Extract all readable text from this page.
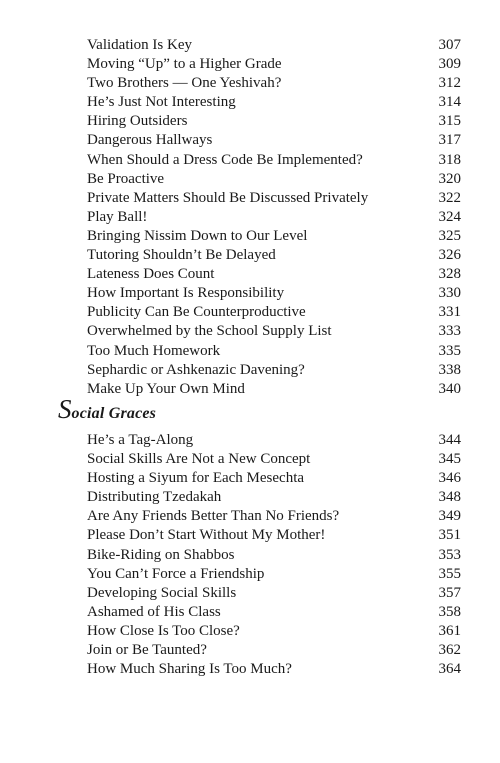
Validation Is Key	307
Moving “Up” to a Higher Grade	309
Two Brothers — One Yeshivah?	312
He’s Just Not Interesting	314
Hiring Outsiders	315
Dangerous Hallways	317
When Should a Dress Code Be Implemented?	318
Be Proactive	320
Private Matters Should Be Discussed Privately	322
Play Ball!	324
Bringing Nissim Down to Our Level	325
Tutoring Shouldn’t Be Delayed	326
Lateness Does Count	328
How Important Is Responsibility	330
Publicity Can Be Counterproductive	331
Overwhelmed by the School Supply List	333
Too Much Homework	335
Sephardic or Ashkenazic Davening?	338
Make Up Your Own Mind	340
Social Graces
He’s a Tag-Along	344
Social Skills Are Not a New Concept	345
Hosting a Siyum for Each Mesechta	346
Distributing Tzedakah	348
Are Any Friends Better Than No Friends?	349
Please Don’t Start Without My Mother!	351
Bike-Riding on Shabbos	353
You Can’t Force a Friendship	355
Developing Social Skills	357
Ashamed of His Class	358
How Close Is Too Close?	361
Join or Be Taunted?	362
How Much Sharing Is Too Much?	364
